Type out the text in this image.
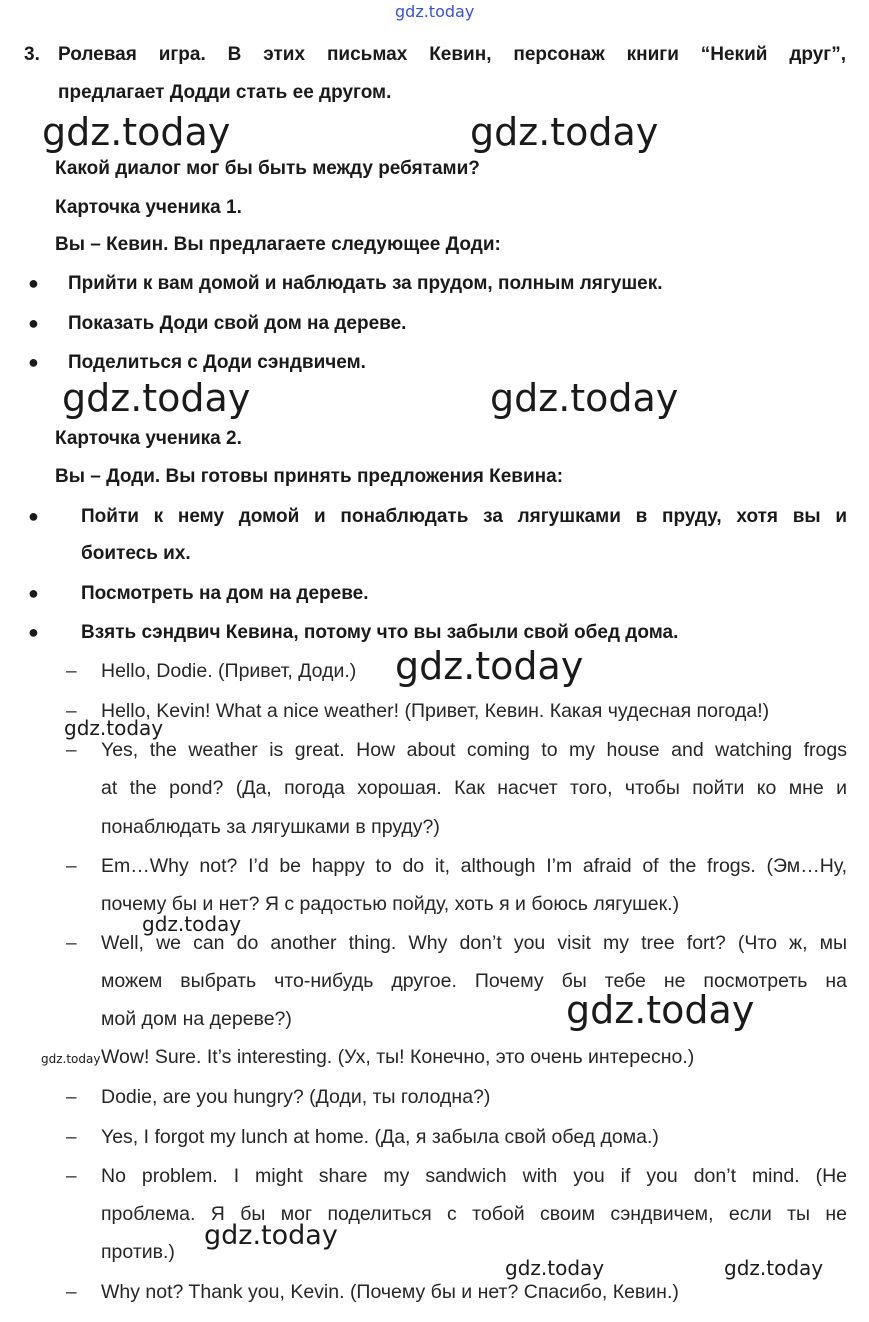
gdz.today
gdz.today	gdz.today
gdz.today	gdz.today
gdz.today
gdz.today
gdz.today
gdz.today
gdz.today
gdz.today
gdz.today	gdz.today
3. Ролевая игра. В этих письмах Кевин, персонаж книги “Некий друг”,
предлагает Додди стать ее другом.
Какой диалог мог бы быть между ребятами?
Карточка ученика 1.
Вы – Кевин. Вы предлагаете следующее Доди:
● Прийти к вам домой и наблюдать за прудом, полным лягушек.
● Показать Доди свой дом на дереве.
● Поделиться с Доди сэндвичем.
Карточка ученика 2.
Вы – Доди. Вы готовы принять предложения Кевина:
● Пойти к нему домой и понаблюдать за лягушками в пруду, хотя вы и
боитесь их.
● Посмотреть на дом на дереве.
● Взять сэндвич Кевина, потому что вы забыли свой обед дома.
– Hello, Dodie. (Привет, Доди.)
– Hello, Kevin! What a nice weather! (Привет, Кевин. Какая чудесная погода!)
– Yes, the weather is great. How about coming to my house and watching frogs
at the pond? (Да, погода хорошая. Как насчет того, чтобы пойти ко мне и
понаблюдать за лягушками в пруду?)
– Em…Why not? I’d be happy to do it, although I’m afraid of the frogs. (Эм…Ну,
почему бы и нет? Я с радостью пойду, хоть я и боюсь лягушек.)
– Well, we can do another thing. Why don’t you visit my tree fort? (Что ж, мы
можем выбрать что-нибудь другое. Почему бы тебе не посмотреть на
мой дом на дереве?)
Wow! Sure. It’s interesting. (Ух, ты! Конечно, это очень интересно.)
– Dodie, are you hungry? (Доди, ты голодна?)
– Yes, I forgot my lunch at home. (Да, я забыла свой обед дома.)
– No problem. I might share my sandwich with you if you don’t mind. (Не
проблема. Я бы мог поделиться с тобой своим сэндвичем, если ты не
против.)
– Why not? Thank you, Kevin. (Почему бы и нет? Спасибо, Кевин.)
